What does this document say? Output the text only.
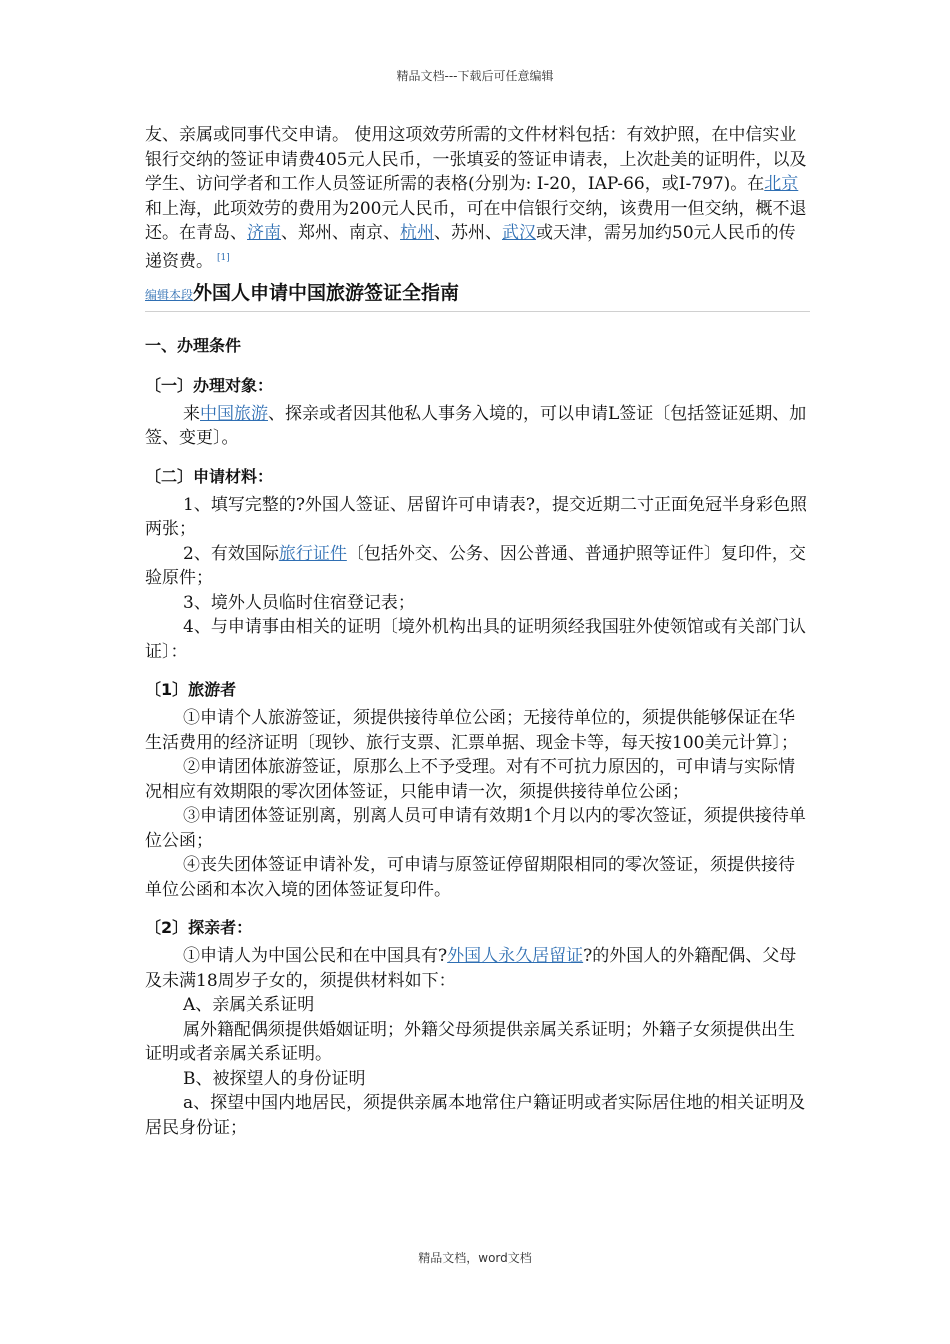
精品文档---下载后可任意编辑

友、亲属或同事代交申请。 使用这项效劳所需的文件材料包括：有效护照，在中信实业银行交纳的签证申请费405元人民币，一张填妥的签证申请表，上次赴美的证明件，以及学生、访问学者和工作人员签证所需的表格(分别为: I-20，IAP-66，或I-797)。在北京和上海，此项效劳的费用为200元人民币，可在中信银行交纳，该费用一但交纳，概不退还。在青岛、济南、郑州、南京、杭州、苏州、武汉或天津，需另加约50元人民币的传递资费。 [1]

编辑本段外国人申请中国旅游签证全指南

一、办理条件

〔一〕办理对象：

来中国旅游、探亲或者因其他私人事务入境的，可以申请L签证〔包括签证延期、加签、变更〕。

〔二〕申请材料：

1、填写完整的?外国人签证、居留许可申请表?，提交近期二寸正面免冠半身彩色照两张；

2、有效国际旅行证件〔包括外交、公务、因公普通、普通护照等证件〕复印件，交验原件；

3、境外人员临时住宿登记表；

4、与申请事由相关的证明〔境外机构出具的证明须经我国驻外使领馆或有关部门认证〕：

〔1〕旅游者

①申请个人旅游签证，须提供接待单位公函；无接待单位的，须提供能够保证在华生活费用的经济证明〔现钞、旅行支票、汇票单据、现金卡等，每天按100美元计算〕；

②申请团体旅游签证，原那么上不予受理。对有不可抗力原因的，可申请与实际情况相应有效期限的零次团体签证，只能申请一次，须提供接待单位公函；

③申请团体签证别离，别离人员可申请有效期1个月以内的零次签证，须提供接待单位公函；

④丧失团体签证申请补发，可申请与原签证停留期限相同的零次签证，须提供接待单位公函和本次入境的团体签证复印件。

〔2〕探亲者：

①申请人为中国公民和在中国具有?外国人永久居留证?的外国人的外籍配偶、父母及未满18周岁子女的，须提供材料如下：

A、亲属关系证明

属外籍配偶须提供婚姻证明；外籍父母须提供亲属关系证明；外籍子女须提供出生证明或者亲属关系证明。

B、被探望人的身份证明

a、探望中国内地居民，须提供亲属本地常住户籍证明或者实际居住地的相关证明及居民身份证；

精品文档，word文档
